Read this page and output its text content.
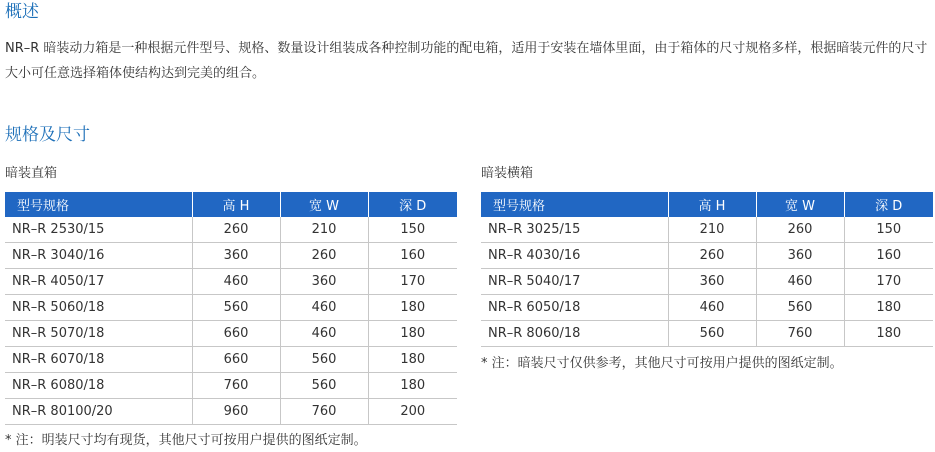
概述
NR–R 暗装动力箱是一种根据元件型号、规格、数量设计组装成各种控制功能的配电箱，适用于安装在墙体里面，由于箱体的尺寸规格多样，根据暗装元件的尺寸大小可任意选择箱体使结构达到完美的组合。
规格及尺寸
暗装直箱
型号规格	高 H	宽 W	深 D
NR–R 2530/15	260	210	150
NR–R 3040/16	360	260	160
NR–R 4050/17	460	360	170
NR–R 5060/18	560	460	180
NR–R 5070/18	660	460	180
NR–R 6070/18	660	560	180
NR–R 6080/18	760	560	180
NR–R 80100/20	960	760	200
* 注：明装尺寸均有现货，其他尺寸可按用户提供的图纸定制。
暗装横箱
型号规格	高 H	宽 W	深 D
NR–R 3025/15	210	260	150
NR–R 4030/16	260	360	160
NR–R 5040/17	360	460	170
NR–R 6050/18	460	560	180
NR–R 8060/18	560	760	180
* 注：暗装尺寸仅供参考，其他尺寸可按用户提供的图纸定制。
